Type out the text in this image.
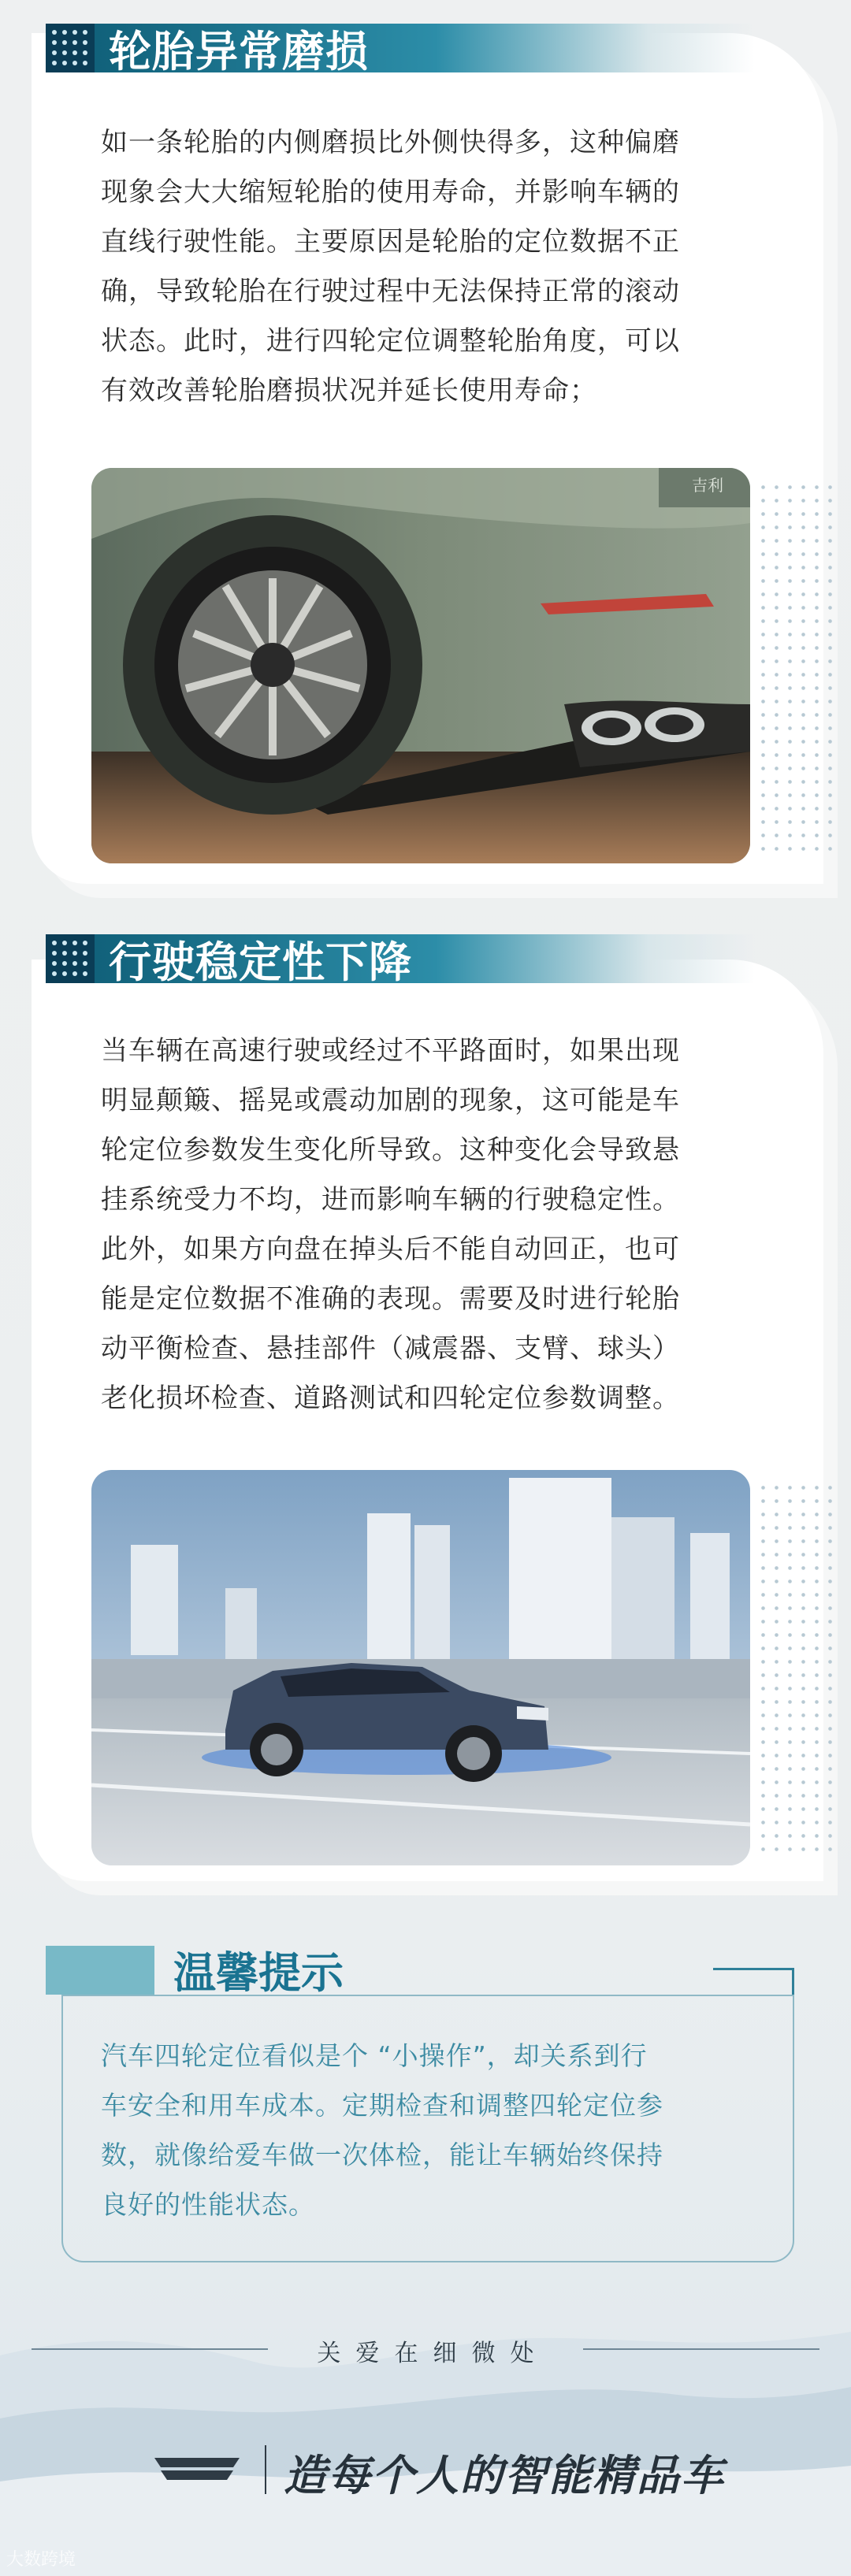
轮胎异常磨损
如一条轮胎的内侧磨损比外侧快得多，这种偏磨
现象会大大缩短轮胎的使用寿命，并影响车辆的
直线行驶性能。主要原因是轮胎的定位数据不正
确，导致轮胎在行驶过程中无法保持正常的滚动
状态。此时，进行四轮定位调整轮胎角度，可以
有效改善轮胎磨损状况并延长使用寿命；
吉利
行驶稳定性下降
当车辆在高速行驶或经过不平路面时，如果出现
明显颠簸、摇晃或震动加剧的现象，这可能是车
轮定位参数发生变化所导致。这种变化会导致悬
挂系统受力不均，进而影响车辆的行驶稳定性。
此外，如果方向盘在掉头后不能自动回正，也可
能是定位数据不准确的表现。需要及时进行轮胎
动平衡检查、悬挂部件（减震器、支臂、球头）
老化损坏检查、道路测试和四轮定位参数调整。
温馨提示
汽车四轮定位看似是个 “小操作”，却关系到行
车安全和用车成本。定期检查和调整四轮定位参
数，就像给爱车做一次体检，能让车辆始终保持
良好的性能状态。
关  爱  在  细  微  处
造每个人的智能精品车
大数跨境
